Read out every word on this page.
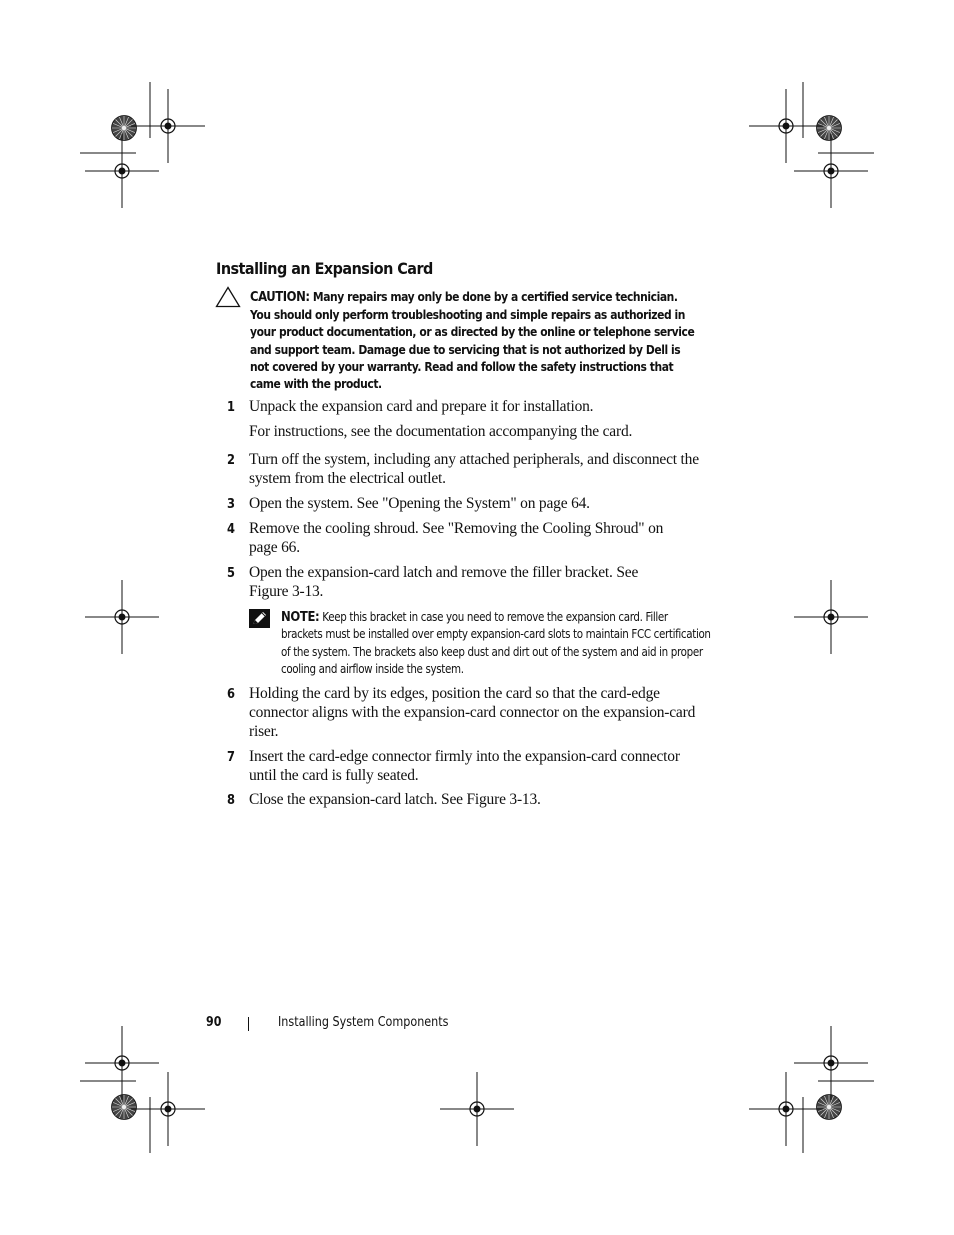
Installing an Expansion Card

CAUTION: Many repairs may only be done by a certified service technician. You should only perform troubleshooting and simple repairs as authorized in your product documentation, or as directed by the online or telephone service and support team. Damage due to servicing that is not authorized by Dell is not covered by your warranty. Read and follow the safety instructions that came with the product.

1 Unpack the expansion card and prepare it for installation.

For instructions, see the documentation accompanying the card.

2 Turn off the system, including any attached peripherals, and disconnect the system from the electrical outlet.

3 Open the system. See "Opening the System" on page 64.

4 Remove the cooling shroud. See "Removing the Cooling Shroud" on page 66.

5 Open the expansion-card latch and remove the filler bracket. See Figure 3-13.

NOTE: Keep this bracket in case you need to remove the expansion card. Filler brackets must be installed over empty expansion-card slots to maintain FCC certification of the system. The brackets also keep dust and dirt out of the system and aid in proper cooling and airflow inside the system.

6 Holding the card by its edges, position the card so that the card-edge connector aligns with the expansion-card connector on the expansion-card riser.

7 Insert the card-edge connector firmly into the expansion-card connector until the card is fully seated.

8 Close the expansion-card latch. See Figure 3-13.

90	Installing System Components
